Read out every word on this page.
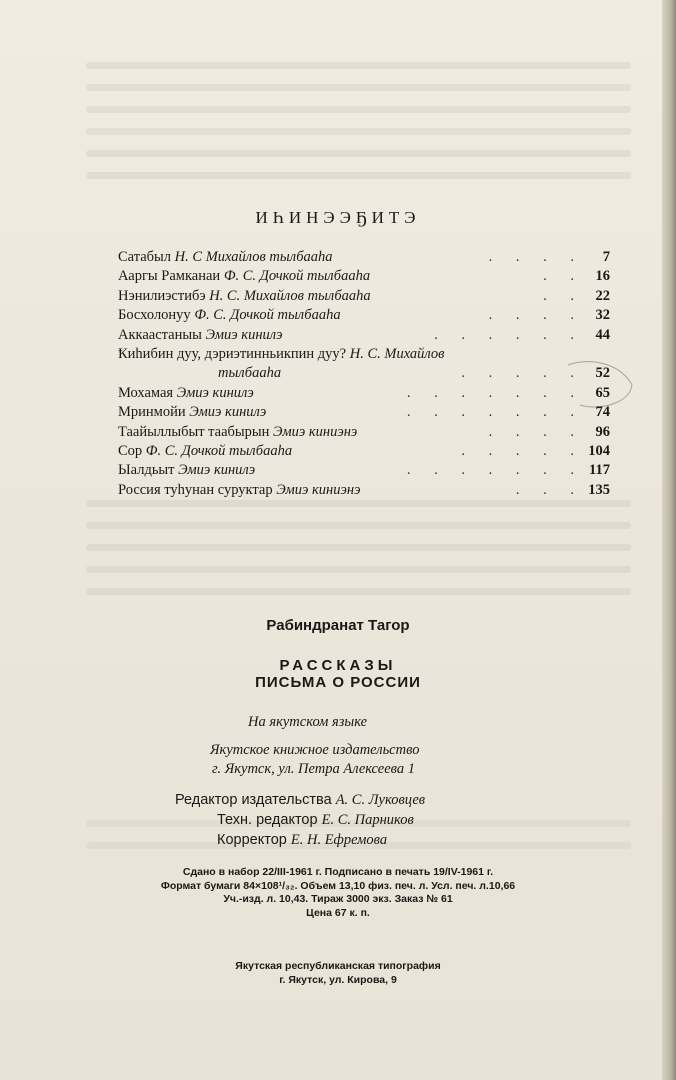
ИҺИНЭЭҔИТЭ
Сатабыл Н. С Михайлов тылбааһа	. . . . 7
Ааргы Рамканаи Ф. С. Дочкой тылбааһа	. . 16
Нэнилиэстибэ Н. С. Михайлов тылбааһа	. . 22
Босхолонуу Ф. С. Дочкой тылбааһа	. . . . 32
Аккаастаныы Эмиэ кинилэ	. . . . . . 44
Ҟиһибин дуу, дэриэтинньикпин дуу? Н. С. Михайлов
тылбааһа	. . . . . 52
Мохамая Эмиэ кинилэ	. . . . . . . 65
Мринмойи Эмиэ кинилэ	. . . . . . . 74
Таайыллыбыт таабырын Эмиэ киниэнэ	. . . . 96
Сор Ф. С. Дочкой тылбааһа	. . . . . 104
Ыалдьыт Эмиэ кинилэ	. . . . . . . 117
Россия туһунан суруктар Эмиэ киниэнэ	. . . 135
Рабиндранат Тагор
РАССКАЗЫ
ПИСЬМА О РОССИИ
На якутском языке
Якутское книжное издательство
г. Якутск, ул. Петра Алексеева 1
Редактор издательства А. С. Луковцев
Техн. редактор Е. С. Парников
Корректор Е. Н. Ефремова
Сдано в набор 22/III-1961 г. Подписано в печать 19/IV-1961 г.
Формат бумаги 84×108¹/₃₂. Объем 13,10 физ. печ. л. Усл. печ. л.10,66
Уч.-изд. л. 10,43. Тираж 3000 экз. Заказ № 61
Цена 67 к. п.
Якутская республиканская типография
г. Якутск, ул. Кирова, 9
